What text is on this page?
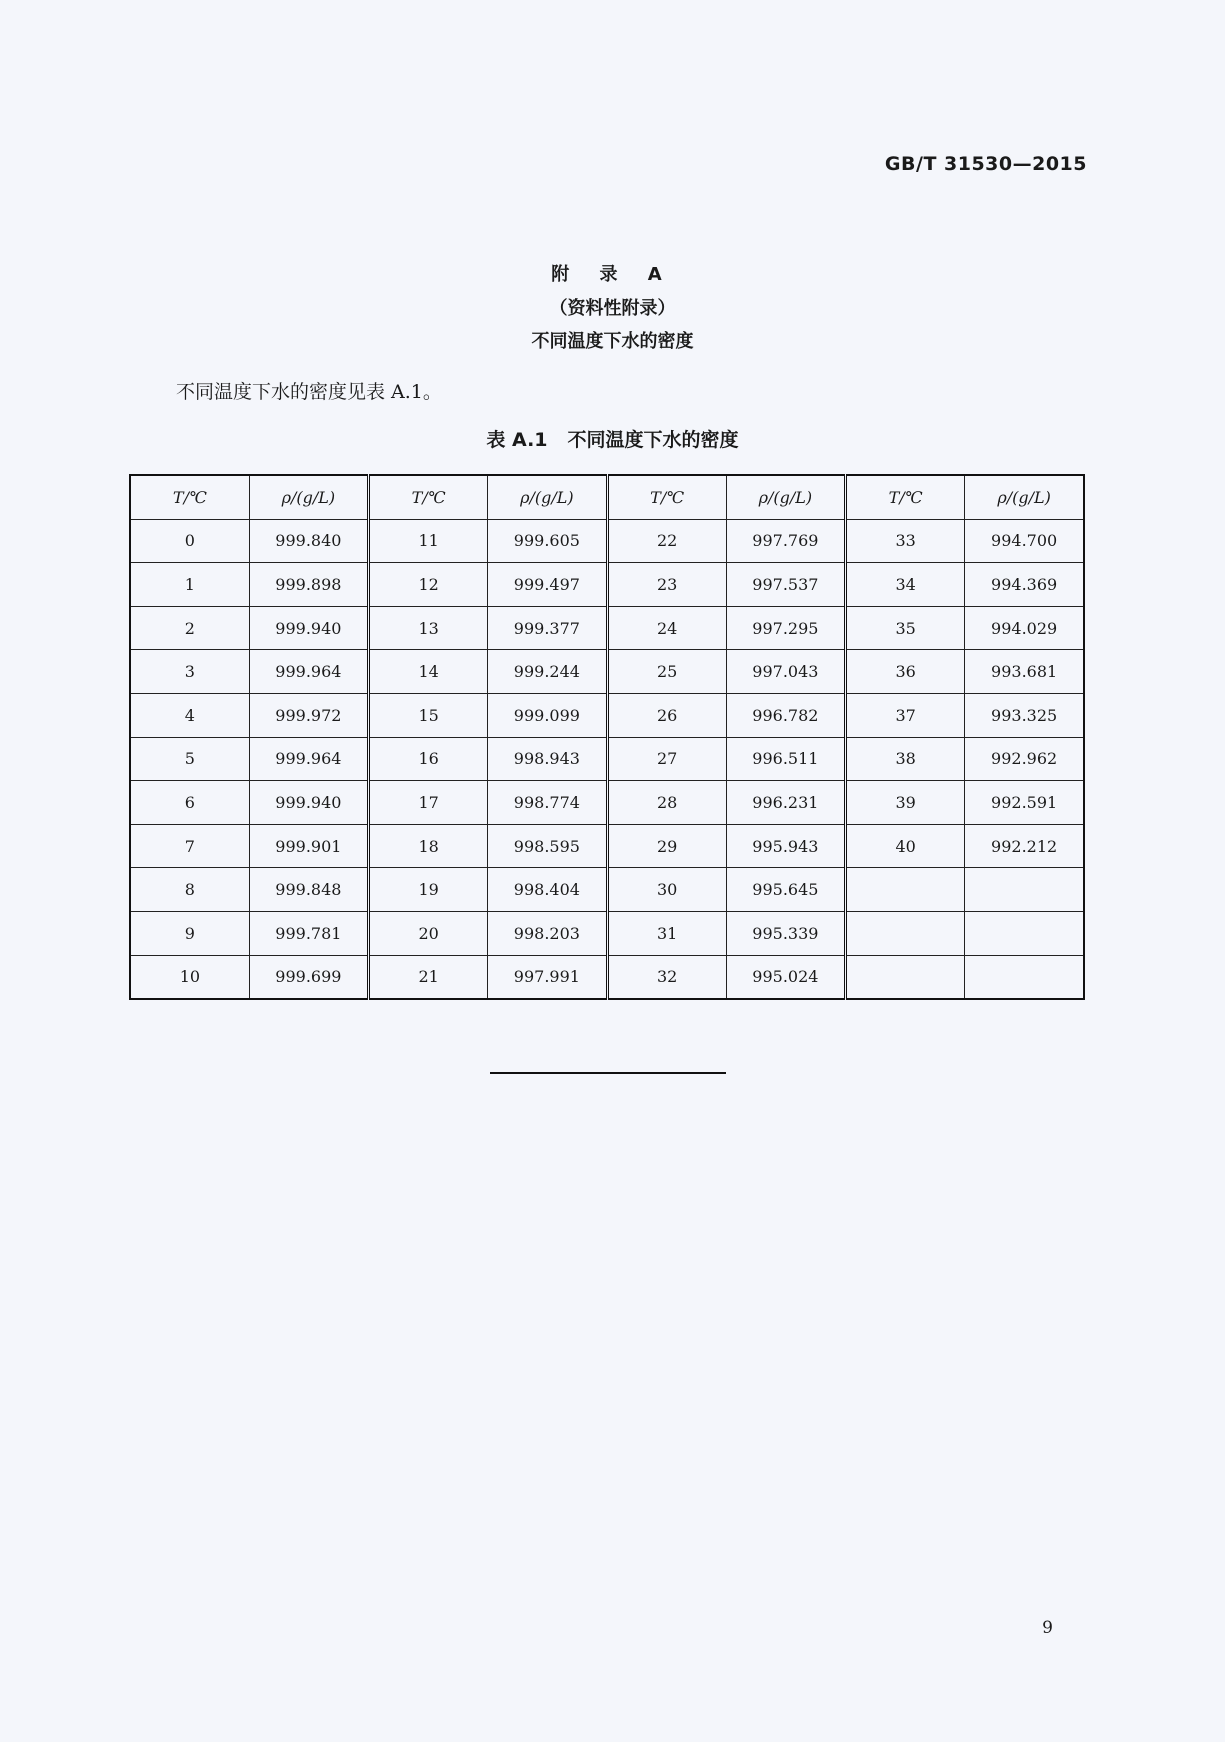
GB/T 31530—2015
附 录 A
（资料性附录）
不同温度下水的密度
不同温度下水的密度见表 A.1。
表 A.1 不同温度下水的密度
T/℃	ρ/(g/L)	T/℃	ρ/(g/L)	T/℃	ρ/(g/L)	T/℃	ρ/(g/L)
0	999.840	11	999.605	22	997.769	33	994.700
1	999.898	12	999.497	23	997.537	34	994.369
2	999.940	13	999.377	24	997.295	35	994.029
3	999.964	14	999.244	25	997.043	36	993.681
4	999.972	15	999.099	26	996.782	37	993.325
5	999.964	16	998.943	27	996.511	38	992.962
6	999.940	17	998.774	28	996.231	39	992.591
7	999.901	18	998.595	29	995.943	40	992.212
8	999.848	19	998.404	30	995.645		
9	999.781	20	998.203	31	995.339		
10	999.699	21	997.991	32	995.024		
9
